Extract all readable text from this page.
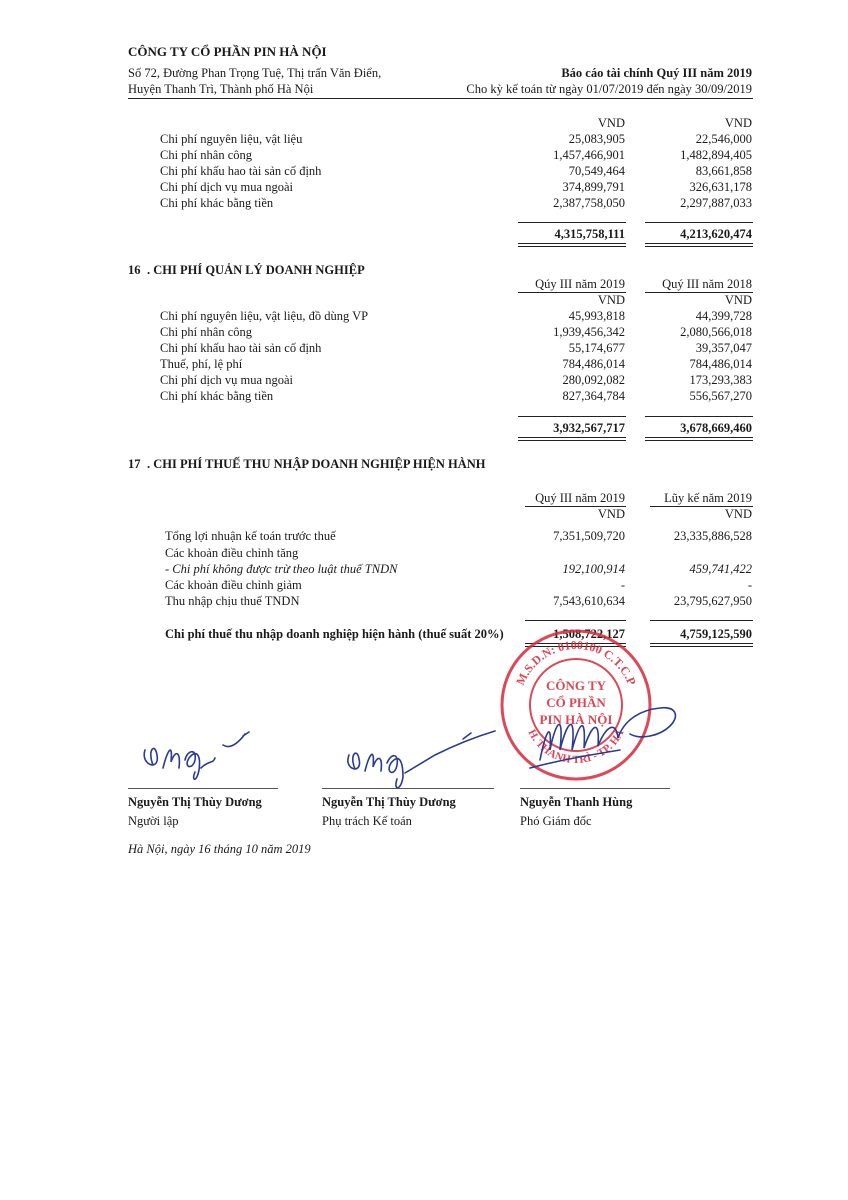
CÔNG TY CỔ PHẦN PIN HÀ NỘI
Số 72, Đường Phan Trọng Tuệ, Thị trấn Văn Điển,
Huyện Thanh Trì, Thành phố Hà Nội
Báo cáo tài chính Quý III năm 2019
Cho kỳ kế toán từ ngày 01/07/2019 đến ngày 30/09/2019
VND	VND
Chi phí nguyên liệu, vật liệu	25,083,905	22,546,000
Chi phí nhân công	1,457,466,901	1,482,894,405
Chi phí khấu hao tài sản cố định	70,549,464	83,661,858
Chi phí dịch vụ mua ngoài	374,899,791	326,631,178
Chi phí khác bằng tiền	2,387,758,050	2,297,887,033
4,315,758,111	4,213,620,474
16 . CHI PHÍ QUẢN LÝ DOANH NGHIỆP
Qúy III năm 2019	Quý III năm 2018
VND	VND
Chi phí nguyên liệu, vật liệu, đồ dùng VP	45,993,818	44,399,728
Chi phí nhân công	1,939,456,342	2,080,566,018
Chi phí khấu hao tài sản cố định	55,174,677	39,357,047
Thuế, phí, lệ phí	784,486,014	784,486,014
Chi phí dịch vụ mua ngoài	280,092,082	173,293,383
Chi phí khác bằng tiền	827,364,784	556,567,270
3,932,567,717	3,678,669,460
17 . CHI PHÍ THUẾ THU NHẬP DOANH NGHIỆP HIỆN HÀNH
Quý III năm 2019	Lũy kế năm 2019
VND	VND
Tổng lợi nhuận kế toán trước thuế	7,351,509,720	23,335,886,528
Các khoản điều chỉnh tăng
- Chi phí không được trừ theo luật thuế TNDN	192,100,914	459,741,422
Các khoản điều chỉnh giảm	-	-
Thu nhập chịu thuế TNDN	7,543,610,634	23,795,627,950
Chi phí thuế thu nhập doanh nghiệp hiện hành (thuế suất 20%)	1,508,722,127	4,759,125,590
M.S.D.N: 0100100 C.T.C.P
H. THANH TRÌ - TP. HÀ
CÔNG TY
CỔ PHẦN
PIN HÀ NỘI
Nguyễn Thị Thùy Dương
Người lập
Nguyễn Thị Thùy Dương
Phụ trách Kế toán
Nguyễn Thanh Hùng
Phó Giám đốc
Hà Nội, ngày 16 tháng 10 năm 2019
